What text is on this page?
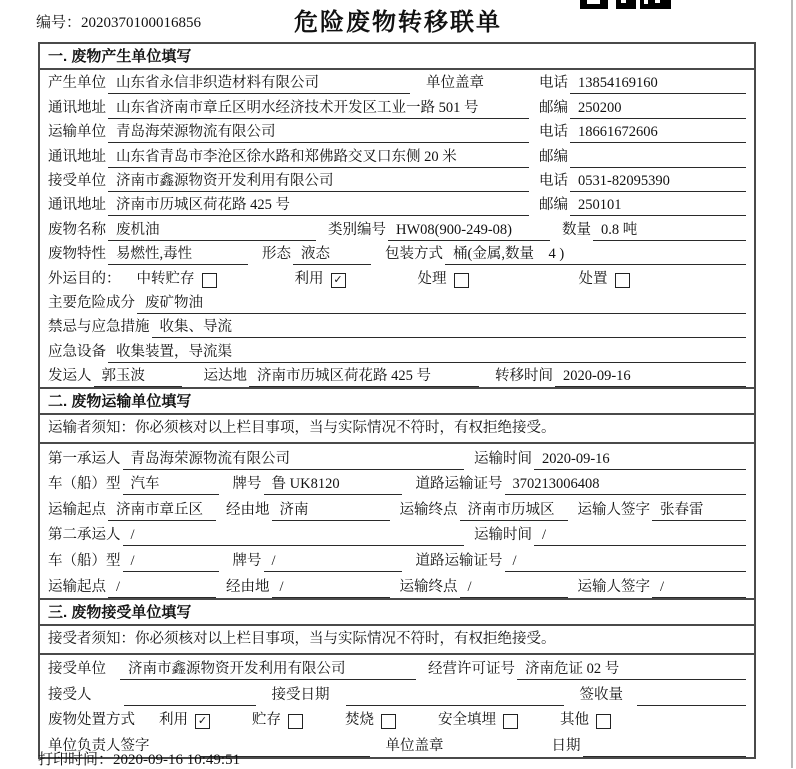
编号：2020370100016856	危险废物转移联单
一. 废物产生单位填写
产生单位 山东省永信非织造材料有限公司	单位盖章	电话 13854169160
通讯地址 山东省济南市章丘区明水经济技术开发区工业一路 501 号	邮编 250200
运输单位 青岛海荣源物流有限公司	电话 18661672606
通讯地址 山东省青岛市李沧区徐水路和郑佛路交叉口东侧 20 米	邮编
接受单位 济南市鑫源物资开发利用有限公司	电话 0531-82095390
通讯地址 济南市历城区荷花路 425 号	邮编 250101
废物名称 废机油	类别编号 HW08(900-249-08)	数量 0.8 吨
废物特性 易燃性,毒性	形态 液态	包装方式 桶(金属,数量　4 )
外运目的： 中转贮存	利用 ✓	处理	处置
主要危险成分 废矿物油
禁忌与应急措施 收集、导流
应急设备 收集装置，导流渠
发运人 郭玉波	运达地 济南市历城区荷花路 425 号	转移时间 2020-09-16
二. 废物运输单位填写
运输者须知：你必须核对以上栏目事项，当与实际情况不符时，有权拒绝接受。
第一承运人 青岛海荣源物流有限公司	运输时间 2020-09-16
车（船）型 汽车	牌号 鲁 UK8120	道路运输证号 370213006408
运输起点 济南市章丘区	经由地 济南	运输终点 济南市历城区	运输人签字 张春雷
第二承运人 /	运输时间 /
车（船）型 /	牌号 /	道路运输证号 /
运输起点 /	经由地 /	运输终点 /	运输人签字 /
三. 废物接受单位填写
接受者须知：你必须核对以上栏目事项，当与实际情况不符时，有权拒绝接受。
接受单位	济南市鑫源物资开发利用有限公司	经营许可证号 济南危证 02 号
接受人	接受日期	签收量
废物处置方式 利用 ✓	贮存	焚烧	安全填埋	其他
单位负责人签字	单位盖章	日期
打印时间：2020-09-16 10:49:51
